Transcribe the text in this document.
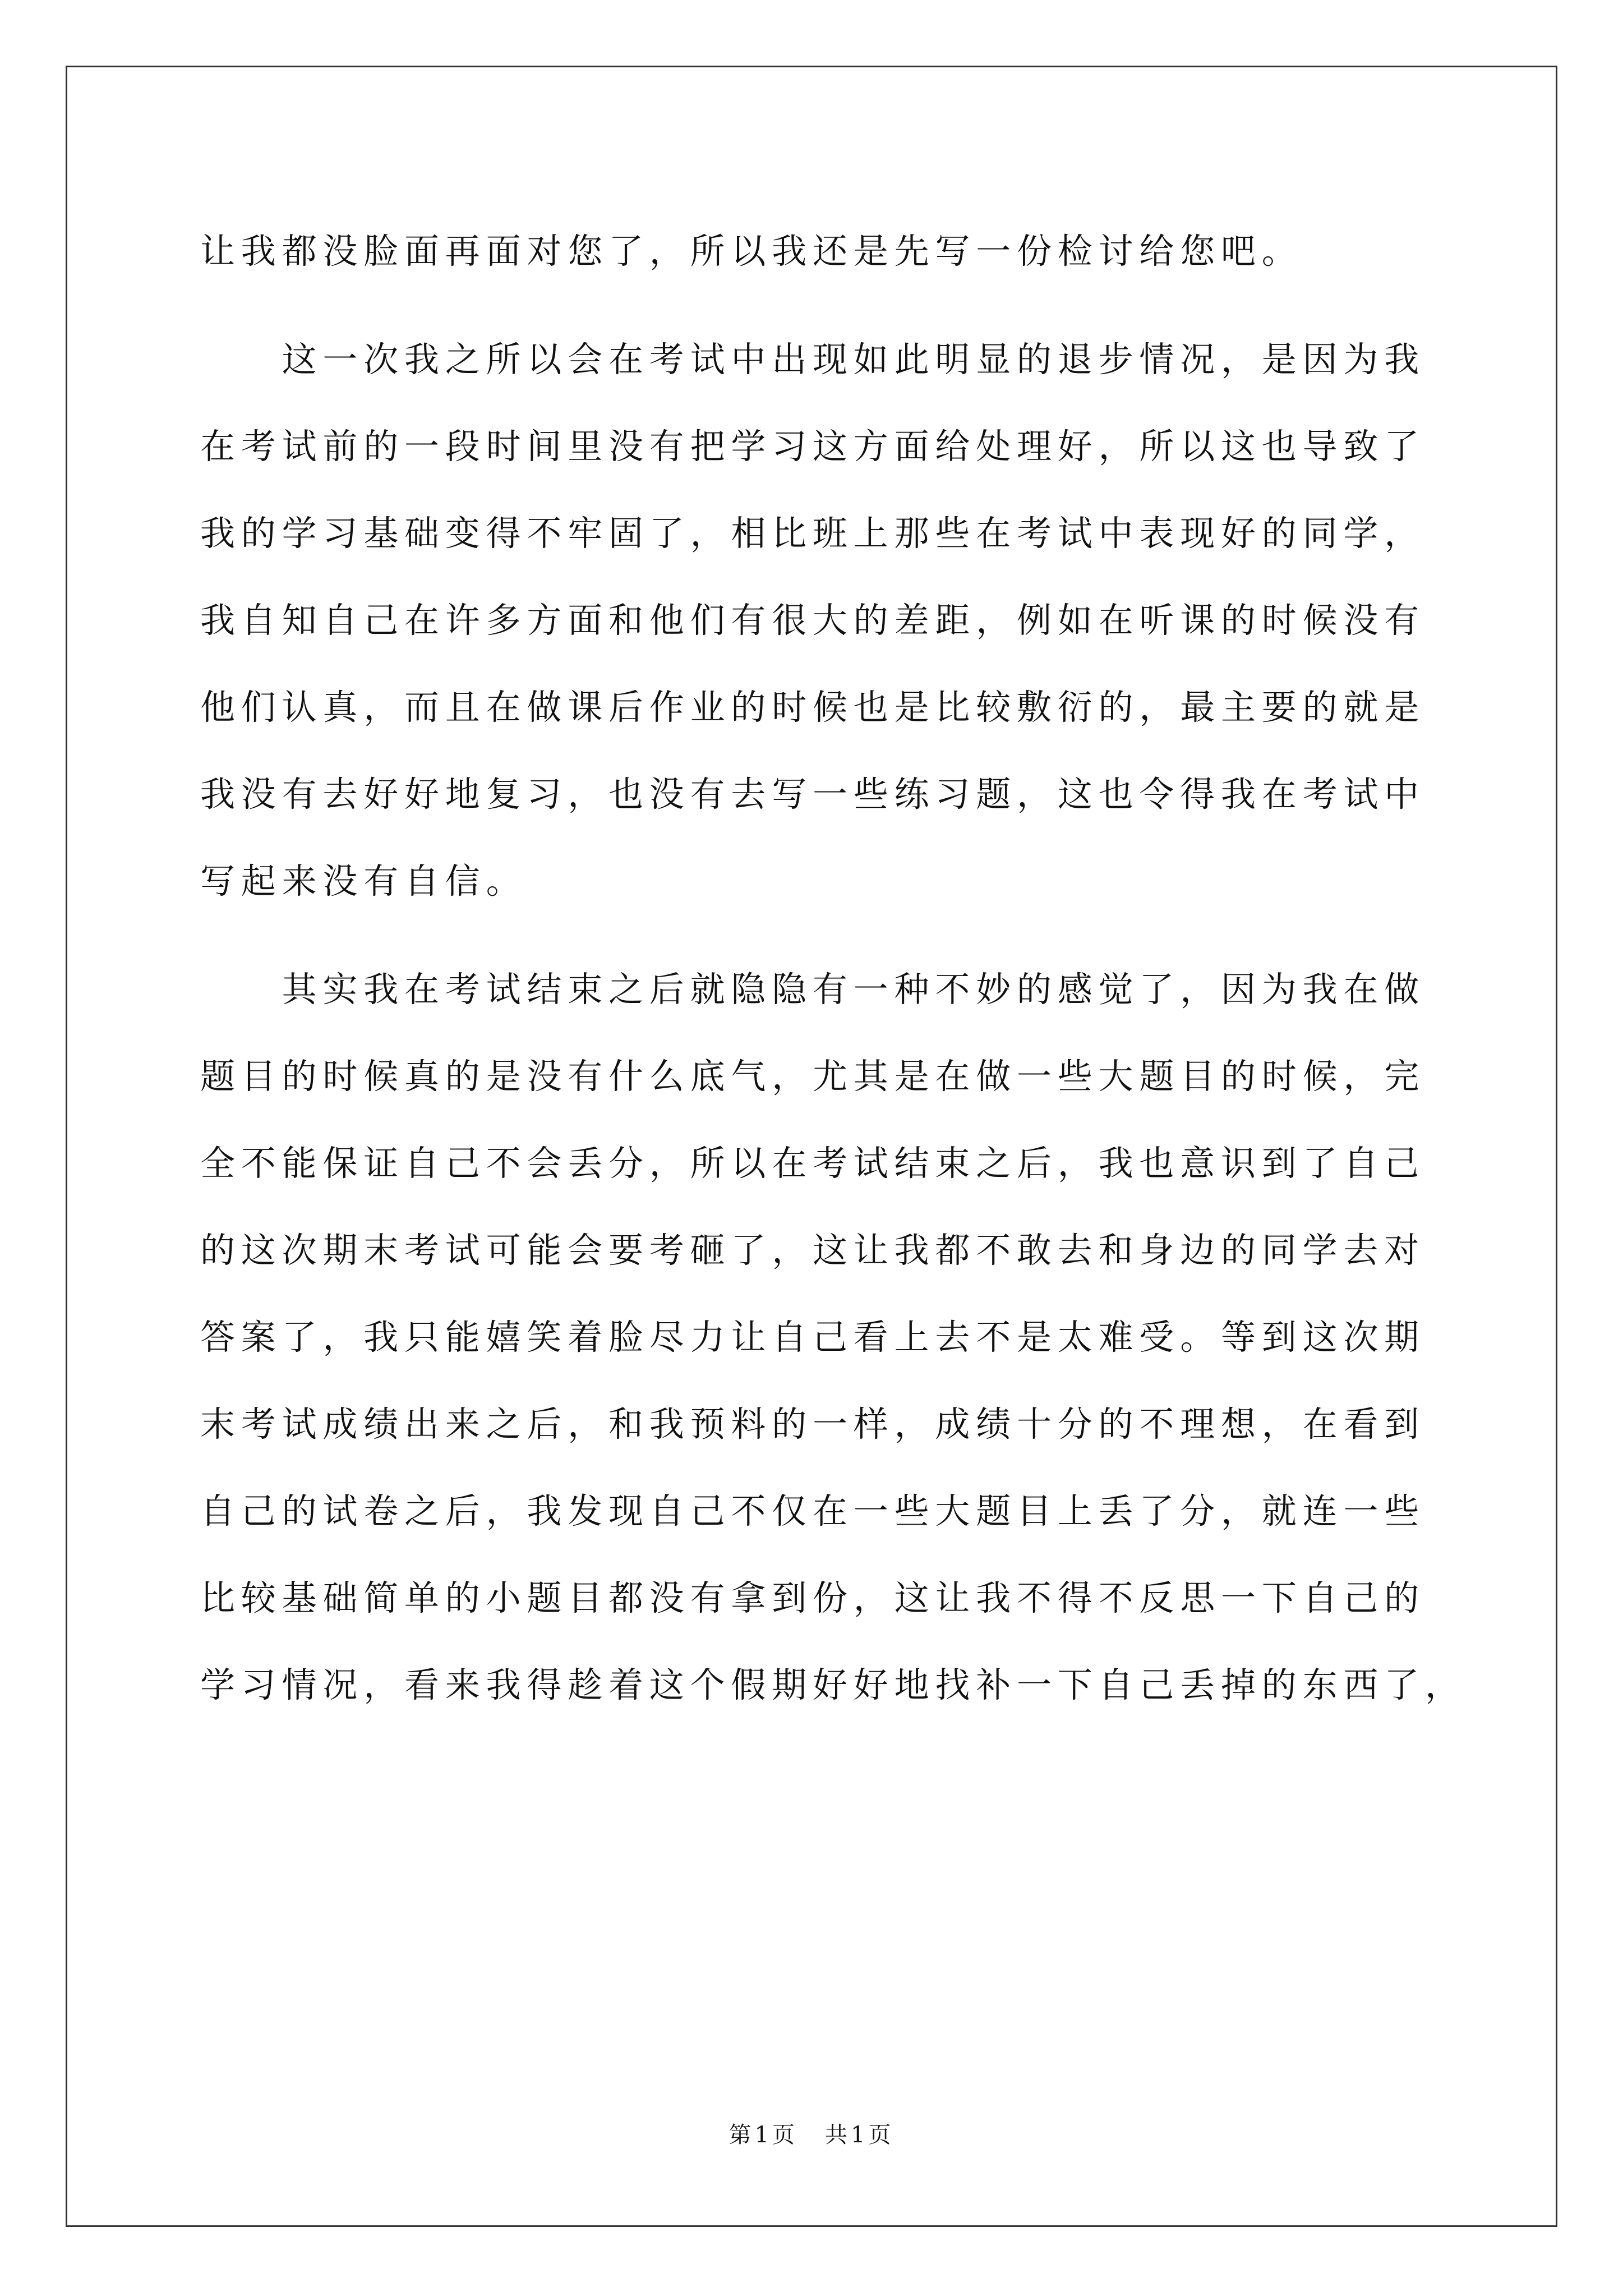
让我都没脸面再面对您了，所以我还是先写一份检讨给您吧。
这一次我之所以会在考试中出现如此明显的退步情况，是因为我
在考试前的一段时间里没有把学习这方面给处理好，所以这也导致了
我的学习基础变得不牢固了，相比班上那些在考试中表现好的同学，
我自知自己在许多方面和他们有很大的差距，例如在听课的时候没有
他们认真，而且在做课后作业的时候也是比较敷衍的，最主要的就是
我没有去好好地复习，也没有去写一些练习题，这也令得我在考试中
写起来没有自信。
其实我在考试结束之后就隐隐有一种不妙的感觉了，因为我在做
题目的时候真的是没有什么底气，尤其是在做一些大题目的时候，完
全不能保证自己不会丢分，所以在考试结束之后，我也意识到了自己
的这次期末考试可能会要考砸了，这让我都不敢去和身边的同学去对
答案了，我只能嬉笑着脸尽力让自己看上去不是太难受。等到这次期
末考试成绩出来之后，和我预料的一样，成绩十分的不理想，在看到
自己的试卷之后，我发现自己不仅在一些大题目上丢了分，就连一些
比较基础简单的小题目都没有拿到份，这让我不得不反思一下自己的
学习情况，看来我得趁着这个假期好好地找补一下自己丢掉的东西了，
第1页 共1页
